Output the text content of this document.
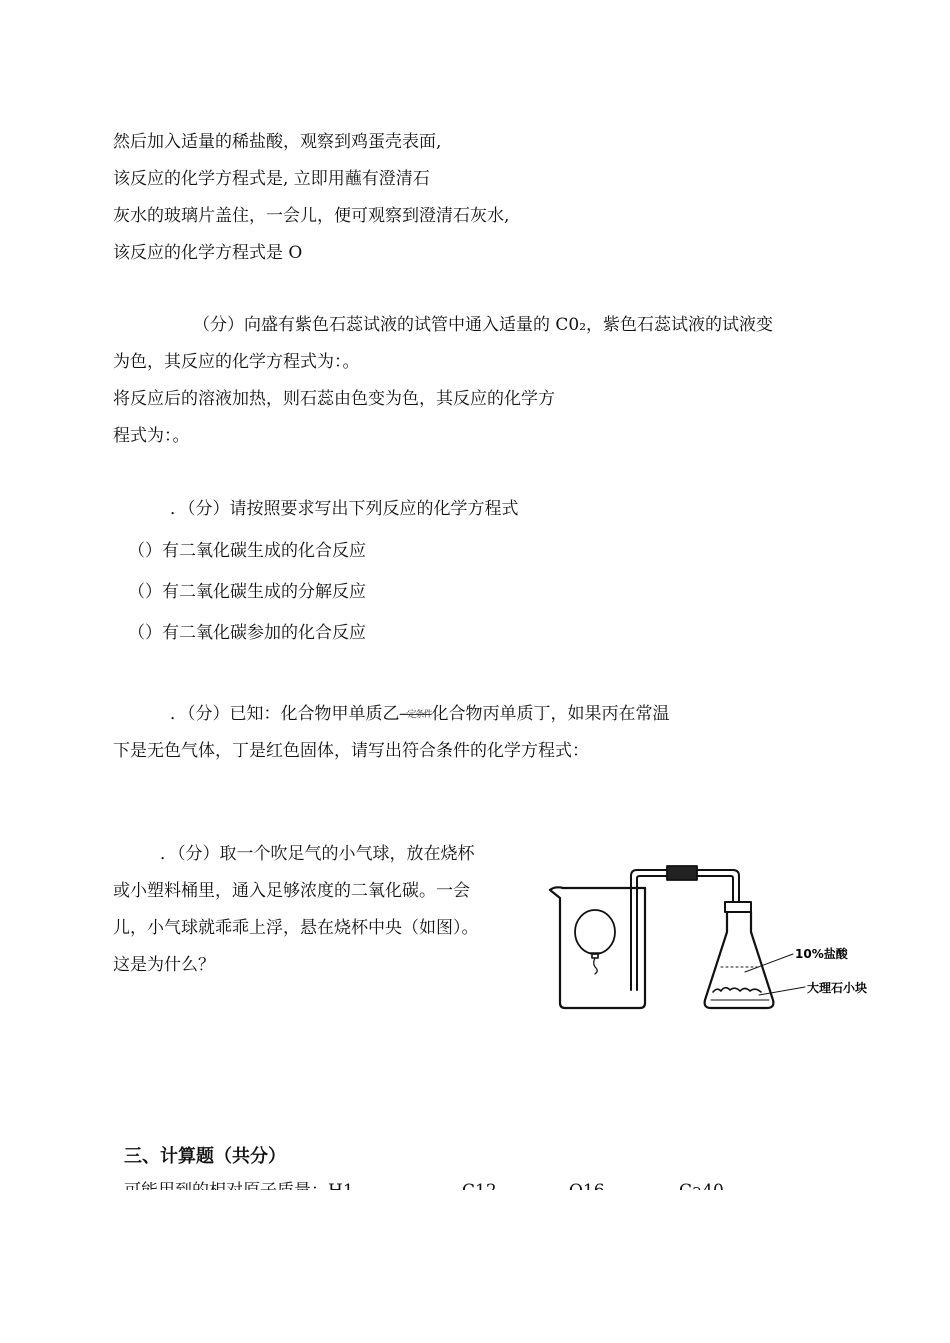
然后加入适量的稀盐酸，观察到鸡蛋壳表面,
该反应的化学方程式是, 立即用蘸有澄清石
灰水的玻璃片盖住，一会儿，便可观察到澄清石灰水,
该反应的化学方程式是 O
（分）向盛有紫色石蕊试液的试管中通入适量的 C0₂，紫色石蕊试液的试液变
为色，其反应的化学方程式为：。
将反应后的溶液加热，则石蕊由色变为色，其反应的化学方
程式为：。
．（分）请按照要求写出下列反应的化学方程式
（）有二氧化碳生成的化合反应
（）有二氧化碳生成的分解反应
（）有二氧化碳参加的化合反应
．（分）已知：化合物甲单质乙一定条件化合物丙单质丁，如果丙在常温
下是无色气体，丁是红色固体，请写出符合条件的化学方程式：
．（分）取一个吹足气的小气球，放在烧杯
或小塑料桶里，通入足够浓度的二氧化碳。一会
儿，小气球就乖乖上浮，悬在烧杯中央（如图）。
这是为什么？
10%盐酸
大理石小块
三、计算题（共分）
